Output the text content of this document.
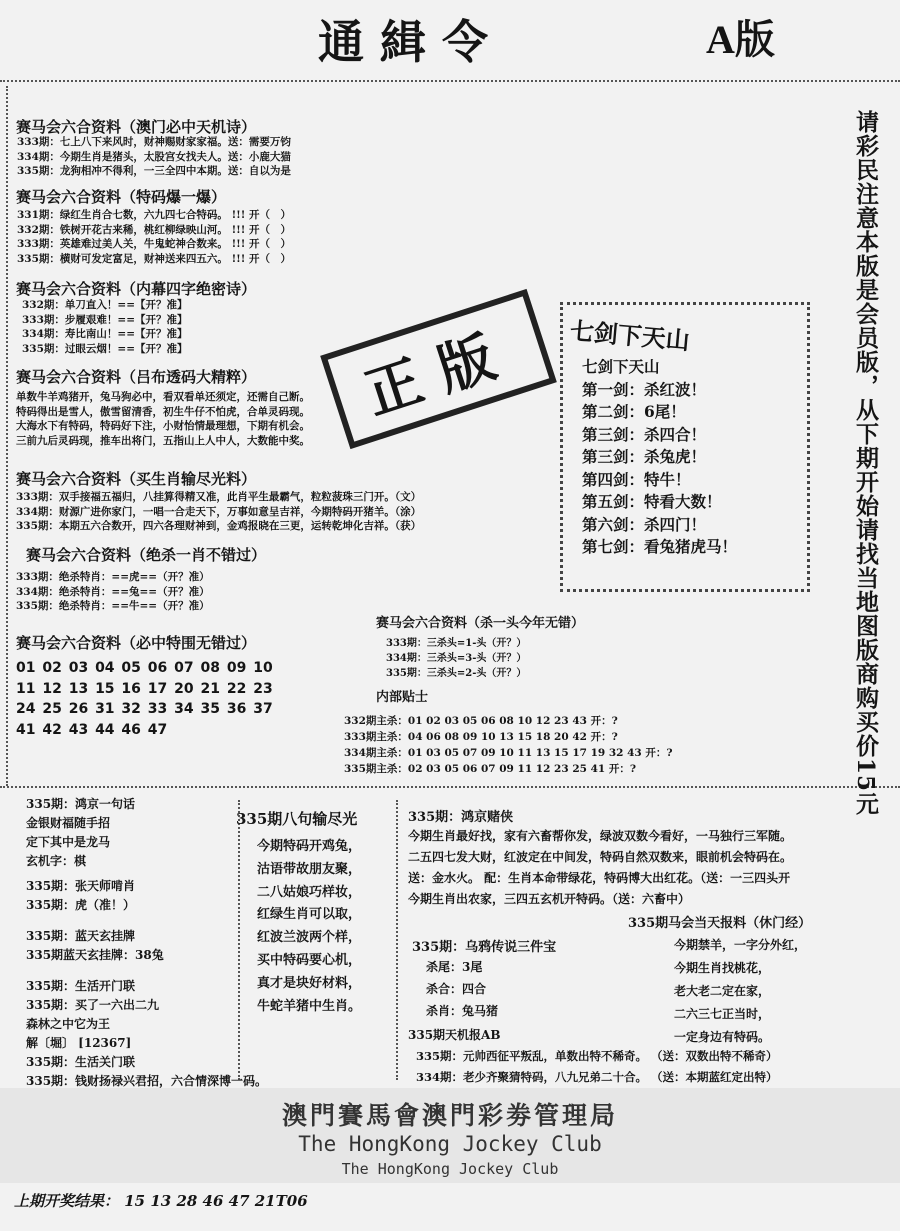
通緝令	A版
请彩民注意本版是会员版，从下期开始请找当地图版商购买价15元
正版
赛马会六合资料（澳门必中天机诗）
333期：七上八下来风时，财神赐财家家福。送：需要万钧
334期：今期生肖是猪头，太股宫女找夫人。送：小鹿大猫
335期：龙狗相冲不得利，一三全四中本期。送：自以为是
赛马会六合资料（特码爆一爆）
331期：绿红生肖合七数，六九四七合特码。 !!! 开（　）
332期：铁树开花古来稀，桃红柳绿映山河。 !!! 开（　）
333期：英雄难过美人关，牛鬼蛇神合数来。 !!! 开（　）
335期：横财可发定富足，财神送来四五六。 !!! 开（　）
赛马会六合资料（内幕四字绝密诗）
332期：单刀直入！==【开？准】
333期：步履艰难！==【开？准】
334期：寿比南山！==【开？准】
335期：过眼云烟！==【开？准】
赛马会六合资料（吕布透码大精粹）
单数牛羊鸡猪开，兔马狗必中，看双看单还须定，还需自己断。
特码得出是雪人，傲雪留清香，初生牛仔不怕虎，合单灵码现。
大海水下有特码，特码好下注，小财怡情最理想，下期有机会。
三前九后灵码现，推车出将门，五指山上人中人，大数能中奖。
赛马会六合资料（买生肖输尽光料）
333期：双手接福五福归，八挂算得精又准，此肖平生最霸气，粒粒菠珠三门开。（文）
334期：财源广进你家门，一唱一合走天下，万事如意呈吉祥，今期特码开猪羊。（涂）
335期：本期五六合数开，四六各理财神到，金鸡报晓在三更，运转乾坤化吉祥。（获）
赛马会六合资料（绝杀一肖不错过）
333期：绝杀特肖：==虎==（开？准）
334期：绝杀特肖：==兔==（开？准）
335期：绝杀特肖：==牛==（开？准）
赛马会六合资料（必中特围无错过）
01 02 03 04 05 06 07 08 09 10
11 12 13 15 16 17 20 21 22 23
24 25 26 31 32 33 34 35 36 37
41 42 43 44 46 47
七剑下天山
七剑下天山
第一剑：杀红波！
第二剑：6尾！
第三剑：杀四合！
第三剑：杀兔虎！
第四剑：特牛！
第五剑：特看大数！
第六剑：杀四门！
第七剑：看兔猪虎马！
赛马会六合资料（杀一头今年无错）
333期：三杀头=1-头（开？）
334期：三杀头=3-头（开？）
335期：三杀头=2-头（开？）
内部贴士
332期主杀：01 02 03 05 06 08 10 12 23 43 开：?
333期主杀：04 06 08 09 10 13 15 18 20 42 开：?
334期主杀：01 03 05 07 09 10 11 13 15 17 19 32 43 开：?
335期主杀：02 03 05 06 07 09 11 12 23 25 41 开：?
335期：鸿京一句话
金银财福随手招
定下其中是龙马
玄机字：棋
335期：张天师啃肖
335期：虎（准！）
335期：蓝天玄挂牌
335期蓝天玄挂牌：38兔
335期：生活开门联
335期：买了一六出二九
森林之中它为王
解〔堀〕 [12367]
335期：生活关门联
335期：钱财扬禄兴君招，六合情深博一码。
335期八句输尽光
今期特码开鸡兔，
沽语带故朋友聚，
二八姑娘巧样妆，
红绿生肖可以取，
红波兰波两个样，
买中特码要心机，
真才是块好材料，
牛蛇羊猪中生肖。
335期：鸿京赌侠
今期生肖最好找，家有六畜帮你发，绿波双数今看好，一马独行三军随。
二五四七发大财，红波定在中间发，特码自然双数来，眼前机会特码在。
送：金水火。 配：生肖本命带绿花，特码博大出红花。（送：一三四头开
今期生肖出农家，三四五玄机开特码。（送：六畜中）
335期马会当天报料（休门经）
335期：乌鸦传说三件宝
杀尾：3尾
杀合：四合
杀肖：兔马猪
今期禁羊，一字分外红，
今期生肖找桃花，
老大老二定在家，
二六三七正当时，
一定身边有特码。
335期天机报AB
335期：元帅西征平叛乱，单数出特不稀奇。 （送：双数出特不稀奇）
334期：老少齐聚猜特码，八九兄弟二十合。 （送：本期蓝红定出特）
澳門賽馬會澳門彩劵管理局
The HongKong Jockey Club
The HongKong Jockey Club
上期开奖结果： 15 13 28 46 47 21T06
